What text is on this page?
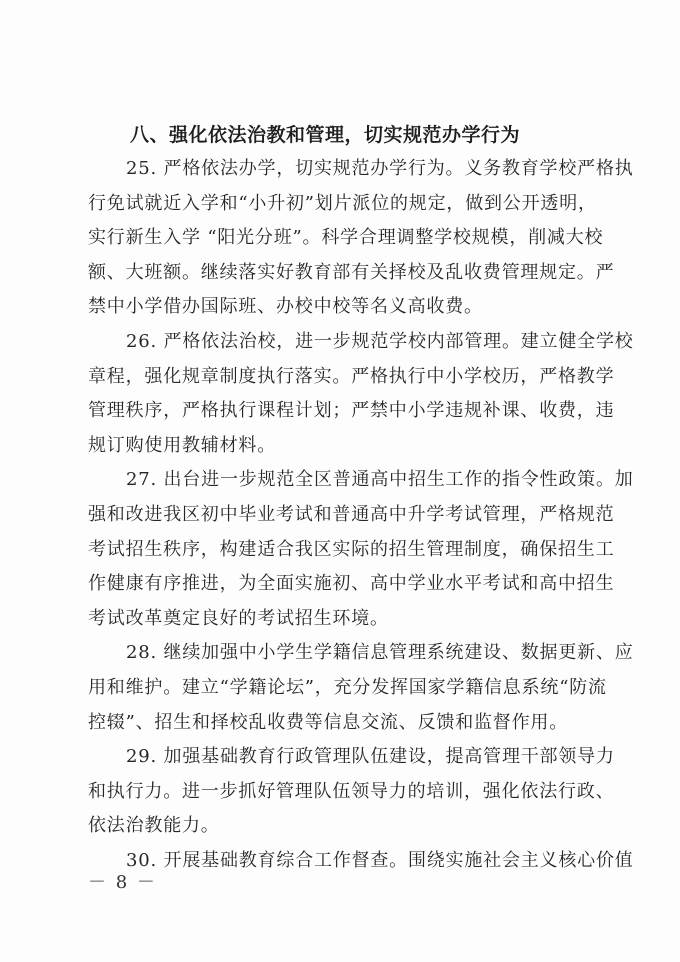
八、强化依法治教和管理，切实规范办学行为
25. 严格依法办学，切实规范办学行为。义务教育学校严格执
行免试就近入学和“小升初”划片派位的规定，做到公开透明，
实行新生入学 “阳光分班”。科学合理调整学校规模，削减大校
额、大班额。继续落实好教育部有关择校及乱收费管理规定。严
禁中小学借办国际班、办校中校等名义高收费。
26. 严格依法治校，进一步规范学校内部管理。建立健全学校
章程，强化规章制度执行落实。严格执行中小学校历，严格教学
管理秩序，严格执行课程计划；严禁中小学违规补课、收费，违
规订购使用教辅材料。
27. 出台进一步规范全区普通高中招生工作的指令性政策。加
强和改进我区初中毕业考试和普通高中升学考试管理，严格规范
考试招生秩序，构建适合我区实际的招生管理制度，确保招生工
作健康有序推进，为全面实施初、高中学业水平考试和高中招生
考试改革奠定良好的考试招生环境。
28. 继续加强中小学生学籍信息管理系统建设、数据更新、应
用和维护。建立“学籍论坛”，充分发挥国家学籍信息系统“防流
控辍”、招生和择校乱收费等信息交流、反馈和监督作用。
29. 加强基础教育行政管理队伍建设，提高管理干部领导力
和执行力。进一步抓好管理队伍领导力的培训，强化依法行政、
依法治教能力。
30. 开展基础教育综合工作督查。围绕实施社会主义核心价值
－ 8 －
